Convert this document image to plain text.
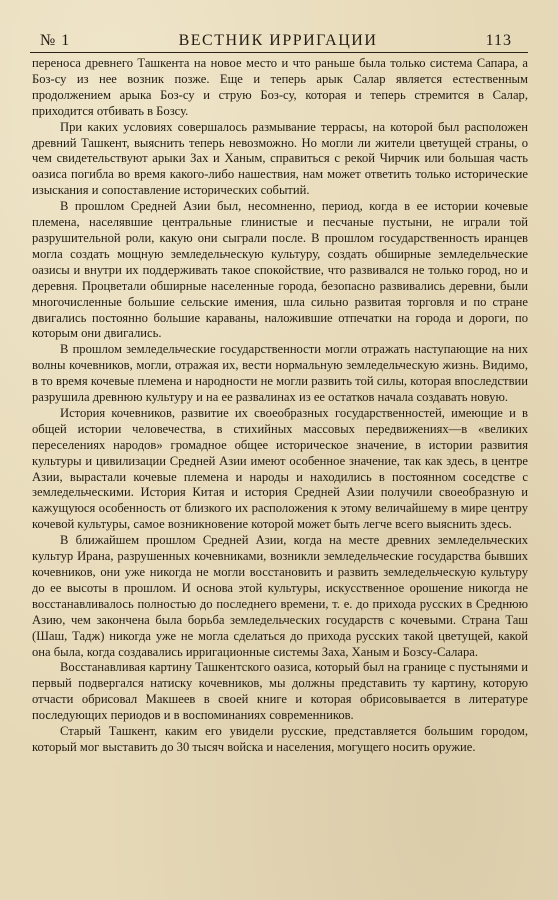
№ 1	ВЕСТНИК ИРРИГАЦИИ	113

переноса древнего Ташкента на новое место и что раньше была только система Сапара, а Боз-су из нее возник позже. Еще и теперь арык Салар является естественным продолжением арыка Боз-су и струю Боз-су, которая и теперь стремится в Салар, приходится отбивать в Бозсу.

При каких условиях совершалось размывание террасы, на которой был расположен древний Ташкент, выяснить теперь невозможно. Но могли ли жители цветущей страны, о чем свидетельствуют арыки Зах и Ханым, справиться с рекой Чирчик или большая часть оазиса погибла во время какого-либо нашествия, нам может ответить только исторические изыскания и сопоставление исторических событий.

В прошлом Средней Азии был, несомненно, период, когда в ее истории кочевые племена, населявшие центральные глинистые и песчаные пустыни, не играли той разрушительной роли, какую они сыграли после. В прошлом государственность иранцев могла создать мощную земледельческую культуру, создать обширные земледельческие оазисы и внутри их поддерживать такое спокойствие, что развивался не только город, но и деревня. Процветали обширные населенные города, безопасно развивались деревни, были многочисленные большие сельские имения, шла сильно развитая торговля и по стране двигались постоянно большие караваны, наложившие отпечатки на города и дороги, по которым они двигались.

В прошлом земледельческие государственности могли отражать наступающие на них волны кочевников, могли, отражая их, вести нормальную земледельческую жизнь. Видимо, в то время кочевые племена и народности не могли развить той силы, которая впоследствии разрушила древнюю культуру и на ее развалинах из ее остатков начала создавать новую.

История кочевников, развитие их своеобразных государственностей, имеющие и в общей истории человечества, в стихийных массовых передвижениях—в «великих переселениях народов» громадное общее историческое значение, в истории развития культуры и цивилизации Средней Азии имеют особенное значение, так как здесь, в центре Азии, вырастали кочевые племена и народы и находились в постоянном соседстве с земледельческими. История Китая и история Средней Азии получили своеобразную и кажущуюся особенность от близкого их расположения к этому величайшему в мире центру кочевой культуры, самое возникновение которой может быть легче всего выяснить здесь.

В ближайшем прошлом Средней Азии, когда на месте древних земледельческих культур Ирана, разрушенных кочевниками, возникли земледельческие государства бывших кочевников, они уже никогда не могли восстановить и развить земледельческую культуру до ее высоты в прошлом. И основа этой культуры, искусственное орошение никогда не восстанавливалось полностью до последнего времени, т. е. до прихода русских в Среднюю Азию, чем закончена была борьба земледельческих государств с кочевыми. Страна Таш (Шаш, Тадж) никогда уже не могла сделаться до прихода русских такой цветущей, какой она была, когда создавались ирригационные системы Заха, Ханым и Бозсу-Салара.

Восстанавливая картину Ташкентского оазиса, который был на границе с пустынями и первый подвергался натиску кочевников, мы должны представить ту картину, которую отчасти обрисовал Макшеев в своей книге и которая обрисовывается в литературе последующих периодов и в воспоминаниях современников.

Старый Ташкент, каким его увидели русские, представляется большим городом, который мог выставить до 30 тысяч войска и населения, могущего носить оружие.
